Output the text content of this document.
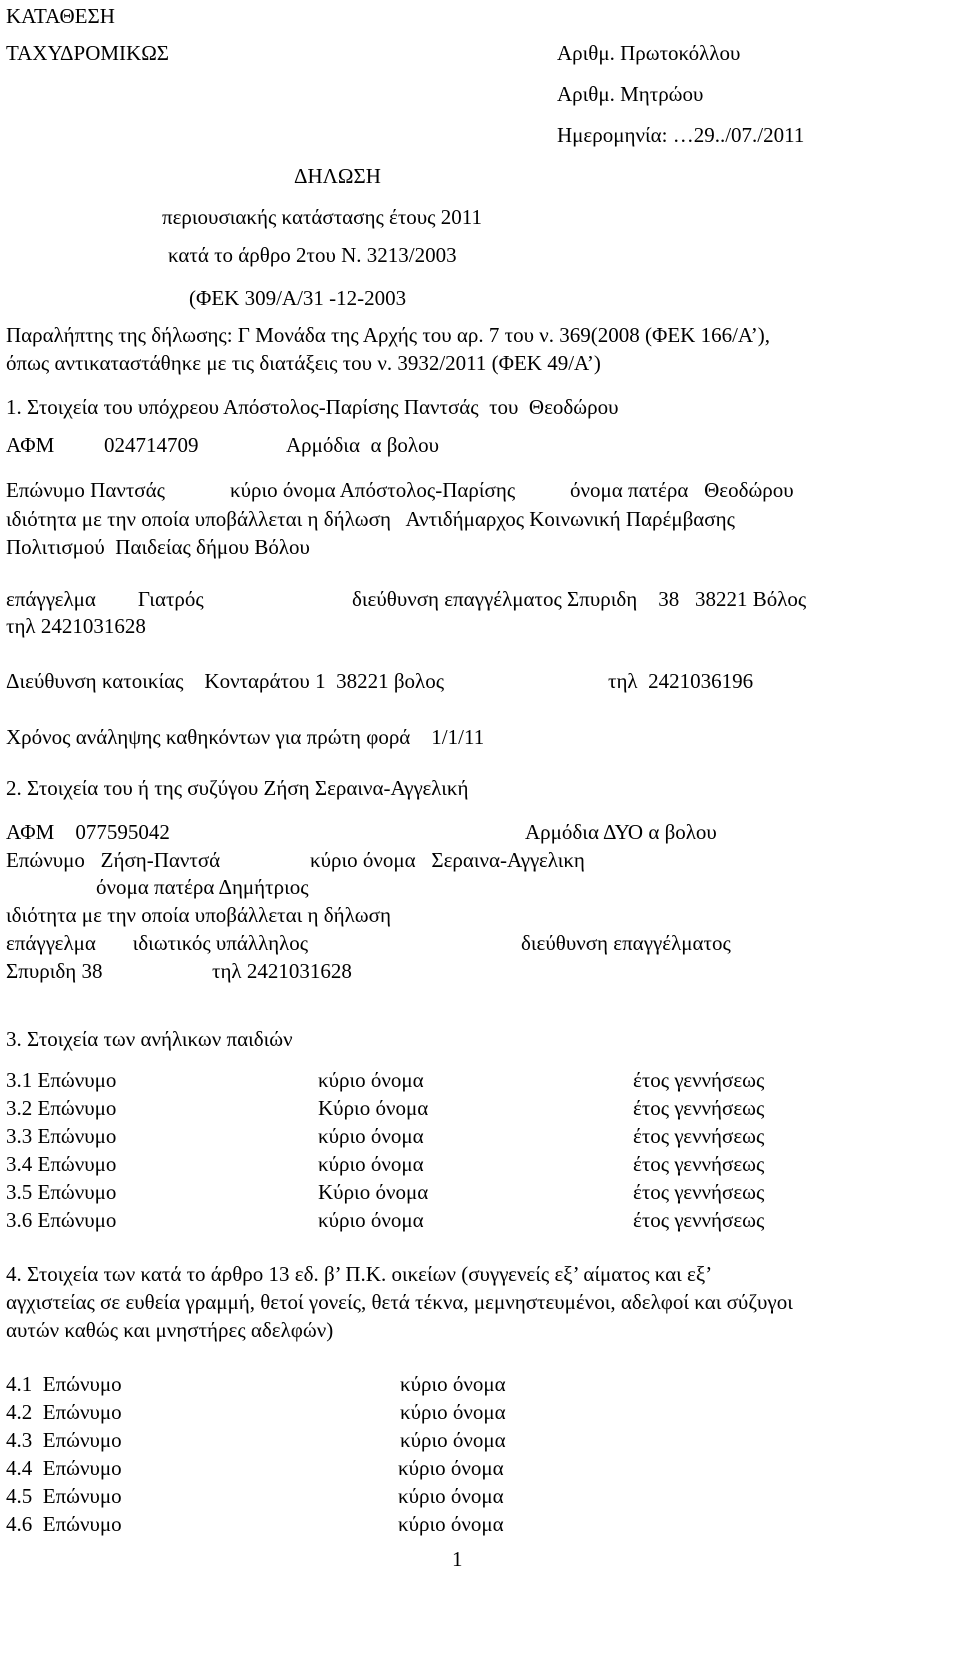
ΚΑΤΑΘΕΣΗ
ΤΑΧΥΔΡΟΜΙΚΩΣ	Αριθμ. Πρωτοκόλλου
Αριθμ. Μητρώου
Ημερομηνία: …29../07./2011
ΔΗΛΩΣΗ
περιουσιακής κατάστασης έτους 2011
κατά το άρθρο 2του Ν. 3213/2003
(ΦΕΚ 309/Α/31 -12-2003
Παραλήπτης της δήλωσης: Γ Μονάδα της Αρχής του αρ. 7 του ν. 369(2008 (ΦΕΚ 166/Α’),
όπως αντικαταστάθηκε με τις διατάξεις του ν. 3932/2011 (ΦΕΚ 49/Α’)
1. Στοιχεία του υπόχρεου Απόστολος-Παρίσης Παντσάς  του  Θεοδώρου
ΑΦΜ 024714709	Αρμόδια  α βολου
Επώνυμο Παντσάς	κύριο όνομα Απόστολος-Παρίσης	όνομα πατέρα   Θεοδώρου
ιδιότητα με την οποία υποβάλλεται η δήλωση   Αντιδήμαρχος Κοινωνική Παρέμβασης
Πολιτισμού  Παιδείας δήμου Βόλου
επάγγελμα        Γιατρός	διεύθυνση επαγγέλματος Σπυριδη    38   38221 Βόλος
τηλ 2421031628
Διεύθυνση κατοικίας    Κονταράτου 1  38221 βολος	τηλ  2421036196
Χρόνος ανάληψης καθηκόντων για πρώτη φορά    1/1/11
2. Στοιχεία του ή της συζύγου Ζήση Σεραινα-Αγγελική
ΑΦΜ    077595042	Αρμόδια ΔΥΟ α βολου
Επώνυμο   Ζήση-Παντσά	κύριο όνομα   Σεραινα-Αγγελικη
όνομα πατέρα Δημήτριος
ιδιότητα με την οποία υποβάλλεται η δήλωση
επάγγελμα       ιδιωτικός υπάλληλος	διεύθυνση επαγγέλματος
Σπυριδη 38	τηλ 2421031628
3. Στοιχεία των ανήλικων παιδιών
3.1 Επώνυμο	κύριο όνομα	έτος γεννήσεως
3.2 Επώνυμο	Κύριο όνομα	έτος γεννήσεως
3.3 Επώνυμο	κύριο όνομα	έτος γεννήσεως
3.4 Επώνυμο	κύριο όνομα	έτος γεννήσεως
3.5 Επώνυμο	Κύριο όνομα	έτος γεννήσεως
3.6 Επώνυμο	κύριο όνομα	έτος γεννήσεως
4. Στοιχεία των κατά το άρθρο 13 εδ. β’ Π.Κ. οικείων (συγγενείς εξ’ αίματος και εξ’
αγχιστείας σε ευθεία γραμμή, θετοί γονείς, θετά τέκνα, μεμνηστευμένοι, αδελφοί και σύζυγοι
αυτών καθώς και μνηστήρες αδελφών)
4.1  Επώνυμο	κύριο όνομα
4.2  Επώνυμο	κύριο όνομα
4.3  Επώνυμο	κύριο όνομα
4.4  Επώνυμο	κύριο όνομα
4.5  Επώνυμο	κύριο όνομα
4.6  Επώνυμο	κύριο όνομα
1
